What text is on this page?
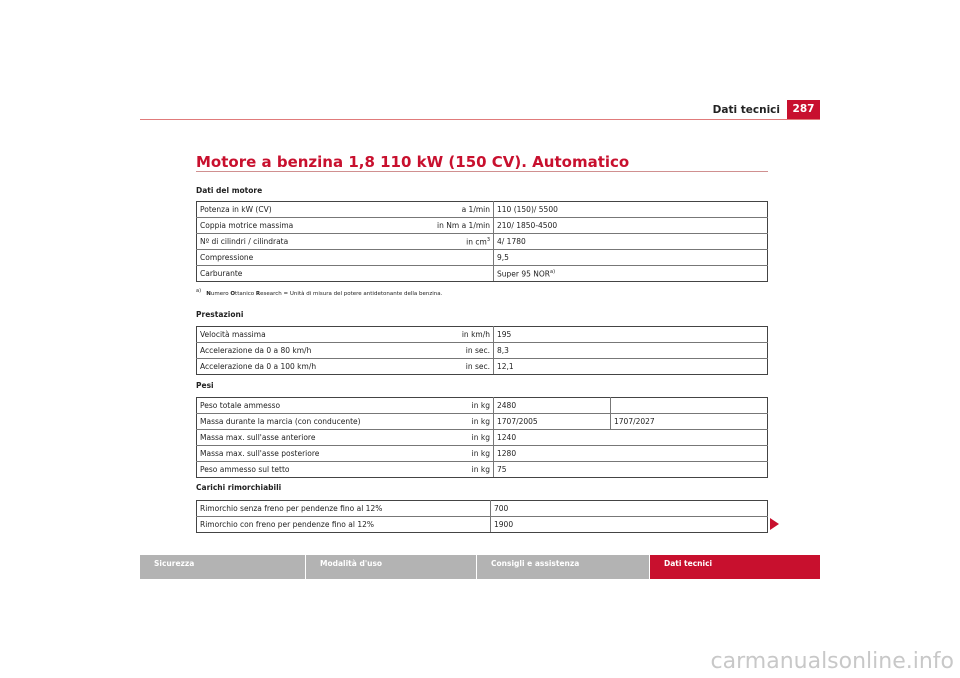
Dati tecnici	287
Motore a benzina 1,8 110 kW (150 CV). Automatico
Dati del motore
Potenza in kW (CV)	a 1/min	110 (150)/ 5500	
Coppia motrice massima	in Nm a 1/min	210/ 1850-4500	
Nº di cilindri / cilindrata	in $cm^3$	4/ 1780	
Compressione		9,5	
Carburante		Super 95 NOR$^{a)}$	
$^{a)}$ Numero Ottanico Research = Unità di misura del potere antidetonante della benzina.
Prestazioni
Velocità massima	in km/h	195	
Accelerazione da 0 a 80 km/h	in sec.	8,3	
Accelerazione da 0 a 100 km/h	in sec.	12,1	
Pesi
Peso totale ammesso	in kg	2480	
Massa durante la marcia (con conducente)	in kg	1707/2005	1707/2027
Massa max. sull'asse anteriore	in kg	1240	
Massa max. sull'asse posteriore	in kg	1280	
Peso ammesso sul tetto	in kg	75	
Carichi rimorchiabili
Rimorchio senza freno per pendenze fino al 12%	700	
Rimorchio con freno per pendenze fino al 12%	1900	
Sicurezza	Modalità d'uso	Consigli e assistenza	Dati tecnici
carmanualsonline.info
